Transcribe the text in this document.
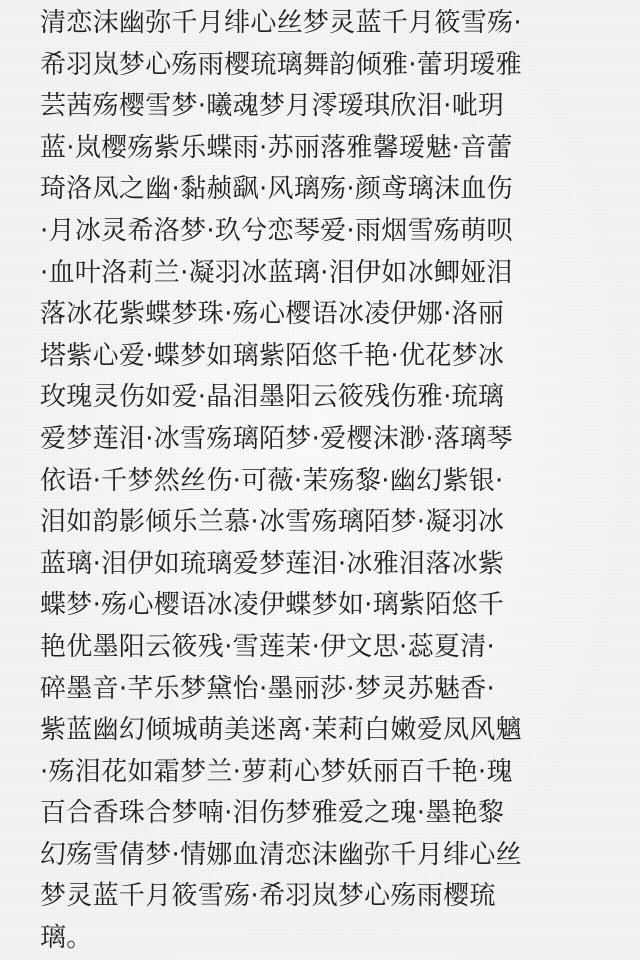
清恋沫幽弥千月绯心丝梦灵蓝千月筱雪殇·
希羽岚梦心殇雨樱琉璃舞韵倾雅·蕾玥瑷雅
芸茜殇樱雪梦·曦魂梦月澪瑷琪欣泪·呲玥
蓝·岚樱殇紫乐蝶雨·苏丽落雅馨瑷魅·音蕾
琦洛凤之幽·黏赪飖·风璃殇·颜鸢璃沫血伤
·月冰灵希洛梦·玖兮恋琴爱·雨烟雪殇萌呗
·血叶洛莉兰·凝羽冰蓝璃·泪伊如冰鲫娅泪
落冰花紫蝶梦珠·殇心樱语冰凌伊娜·洛丽
塔紫心爱·蝶梦如璃紫陌悠千艳·优花梦冰
玫瑰灵伤如爱·晶泪墨阳云筱残伤雅·琉璃
爱梦莲泪·冰雪殇璃陌梦·爱樱沫渺·落璃琴
依语·千梦然丝伤·可薇·茉殇黎·幽幻紫银·
泪如韵影倾乐兰慕·冰雪殇璃陌梦·凝羽冰
蓝璃·泪伊如琉璃爱梦莲泪·冰雅泪落冰紫
蝶梦·殇心樱语冰凌伊蝶梦如·璃紫陌悠千
艳优墨阳云筱残·雪莲茉·伊文思·蕊夏清·
碎墨音·芊乐梦黛怡·墨丽莎·梦灵苏魅香·
紫蓝幽幻倾城萌美迷离·茉莉白嫩爱凤风魑
·殇泪花如霜梦兰·萝莉心梦妖丽百千艳·瑰
百合香珠合梦喃·泪伤梦雅爱之瑰·墨艳黎
幻殇雪倩梦·情娜血清恋沫幽弥千月绯心丝
梦灵蓝千月筱雪殇·希羽岚梦心殇雨樱琉
璃。
